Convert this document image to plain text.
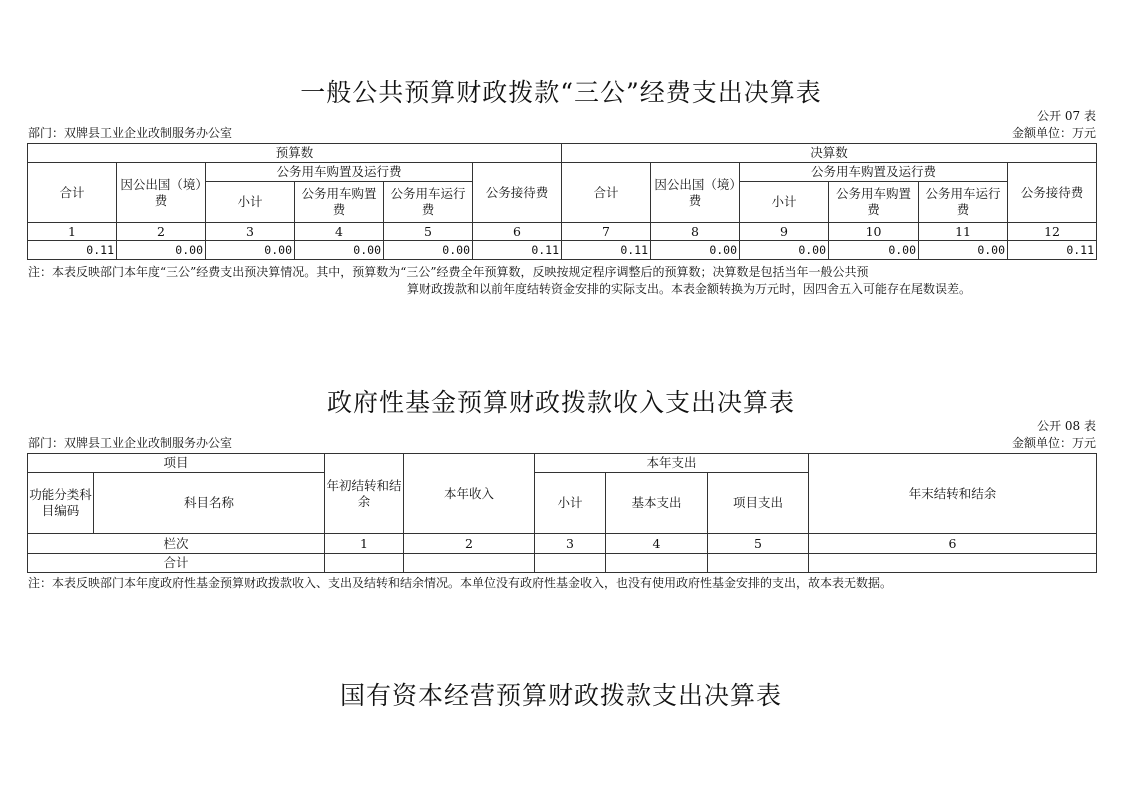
一般公共预算财政拨款“三公”经费支出决算表
公开 07 表
部门：双牌县工业企业改制服务办公室	金额单位：万元
预算数						决算数					
合计	因公出国（境）费	公务用车购置及运行费			公务接待费	合计	因公出国（境）费	公务用车购置及运行费			公务接待费
		小计	公务用车购置费	公务用车运行费				小计	公务用车购置费	公务用车运行费	
1	2	3	4	5	6	7	8	9	10	11	12
0.11	0.00	0.00	0.00	0.00	0.11	0.11	0.00	0.00	0.00	0.00	0.11
注：本表反映部门本年度“三公”经费支出预决算情况。其中，预算数为“三公”经费全年预算数，反映按规定程序调整后的预算数；决算数是包括当年一般公共预
算财政拨款和以前年度结转资金安排的实际支出。本表金额转换为万元时，因四舍五入可能存在尾数误差。
政府性基金预算财政拨款收入支出决算表
公开 08 表
部门：双牌县工业企业改制服务办公室	金额单位：万元
项目		年初结转和结余	本年收入	本年支出			年末结转和结余
功能分类科目编码	科目名称			小计	基本支出	项目支出	
栏次		1	2	3	4	5	6
合计							
注：本表反映部门本年度政府性基金预算财政拨款收入、支出及结转和结余情况。本单位没有政府性基金收入，也没有使用政府性基金安排的支出，故本表无数据。
国有资本经营预算财政拨款支出决算表
